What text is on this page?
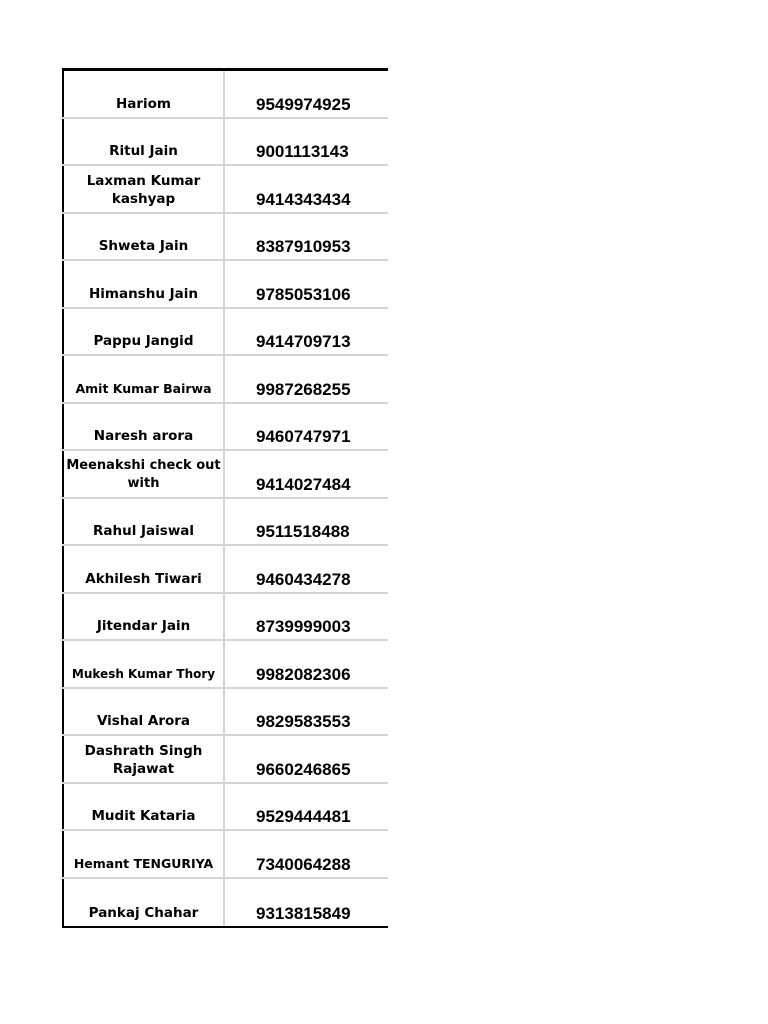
Hariom	9549974925
Ritul Jain	9001113143
Laxman Kumar kashyap	9414343434
Shweta Jain	8387910953
Himanshu Jain	9785053106
Pappu Jangid	9414709713
Amit Kumar Bairwa	9987268255
Naresh arora	9460747971
Meenakshi check out with	9414027484
Rahul Jaiswal	9511518488
Akhilesh Tiwari	9460434278
Jitendar Jain	8739999003
Mukesh Kumar Thory	9982082306
Vishal Arora	9829583553
Dashrath Singh Rajawat	9660246865
Mudit Kataria	9529444481
Hemant TENGURIYA	7340064288
Pankaj Chahar	9313815849
